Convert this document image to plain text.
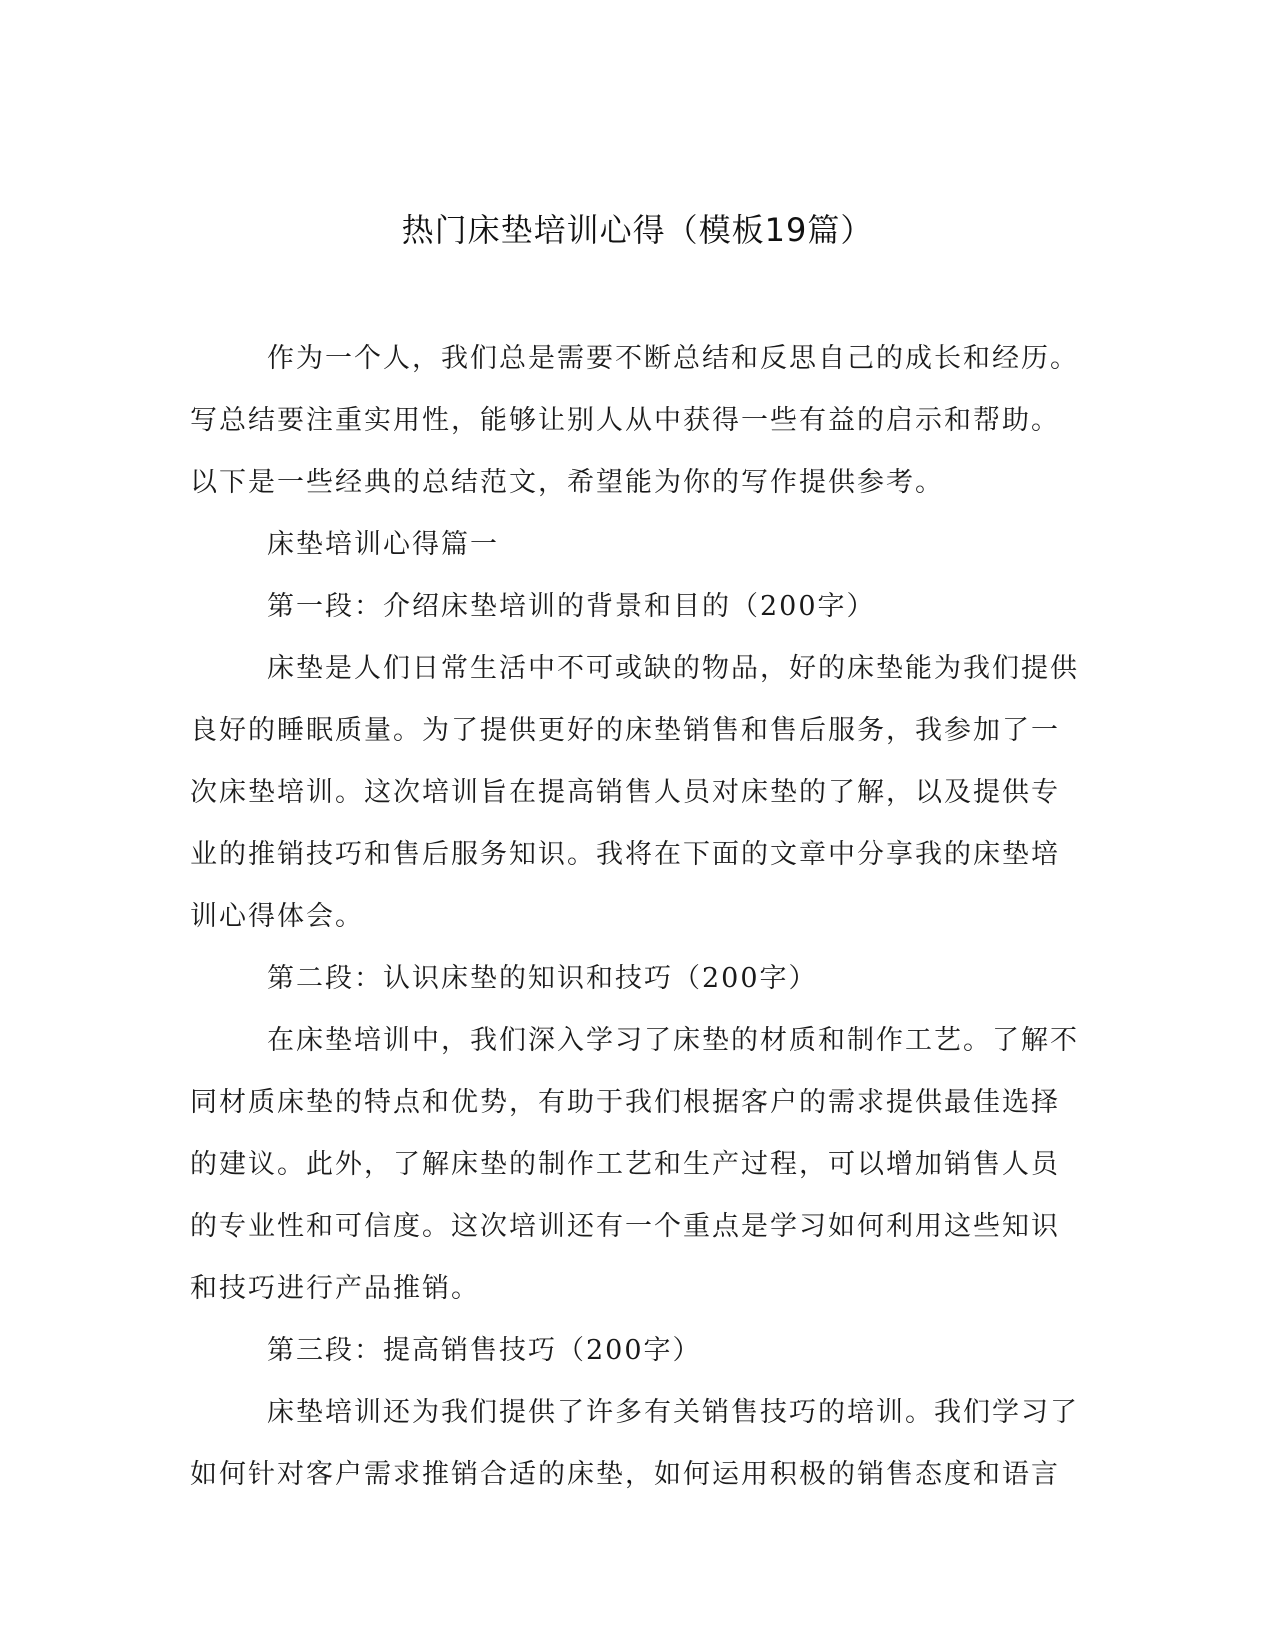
热门床垫培训心得（模板19篇）

作为一个人，我们总是需要不断总结和反思自己的成长和经历。写总结要注重实用性，能够让别人从中获得一些有益的启示和帮助。以下是一些经典的总结范文，希望能为你的写作提供参考。

床垫培训心得篇一

第一段：介绍床垫培训的背景和目的（200字）

床垫是人们日常生活中不可或缺的物品，好的床垫能为我们提供良好的睡眠质量。为了提供更好的床垫销售和售后服务，我参加了一次床垫培训。这次培训旨在提高销售人员对床垫的了解，以及提供专业的推销技巧和售后服务知识。我将在下面的文章中分享我的床垫培训心得体会。

第二段：认识床垫的知识和技巧（200字）

在床垫培训中，我们深入学习了床垫的材质和制作工艺。了解不同材质床垫的特点和优势，有助于我们根据客户的需求提供最佳选择的建议。此外，了解床垫的制作工艺和生产过程，可以增加销售人员的专业性和可信度。这次培训还有一个重点是学习如何利用这些知识和技巧进行产品推销。

第三段：提高销售技巧（200字）

床垫培训还为我们提供了许多有关销售技巧的培训。我们学习了如何针对客户需求推销合适的床垫，如何运用积极的销售态度和语言
